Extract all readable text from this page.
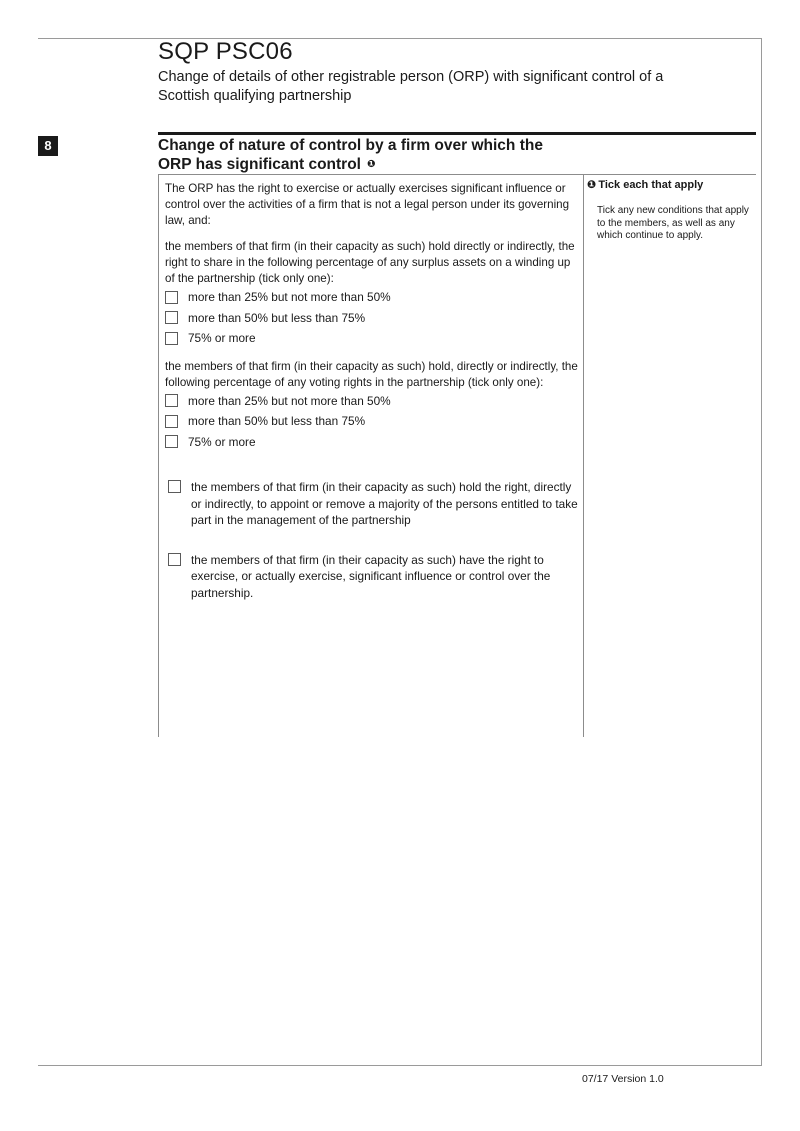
SQP PSC06
Change of details of other registrable person (ORP) with significant control of a Scottish qualifying partnership
8	Change of nature of control by a firm over which the ORP has significant control ❶

The ORP has the right to exercise or actually exercises significant influence or control over the activities of a firm that is not a legal person under its governing law, and:

the members of that firm (in their capacity as such) hold directly or indirectly, the right to share in the following percentage of any surplus assets on a winding up of the partnership (tick only one):

more than 25% but not more than 50%
more than 50% but less than 75%
75% or more

the members of that firm (in their capacity as such) hold, directly or indirectly, the following percentage of any voting rights in the partnership (tick only one):

more than 25% but not more than 50%
more than 50% but less than 75%
75% or more
the members of that firm (in their capacity as such) hold the right, directly or indirectly, to appoint or remove a majority of the persons entitled to take part in the management of the partnership
the members of that firm (in their capacity as such) have the right to exercise, or actually exercise, significant influence or control over the partnership.
❶ Tick each that apply
Tick any new conditions that apply to the members, as well as any which continue to apply.
07/17 Version 1.0
